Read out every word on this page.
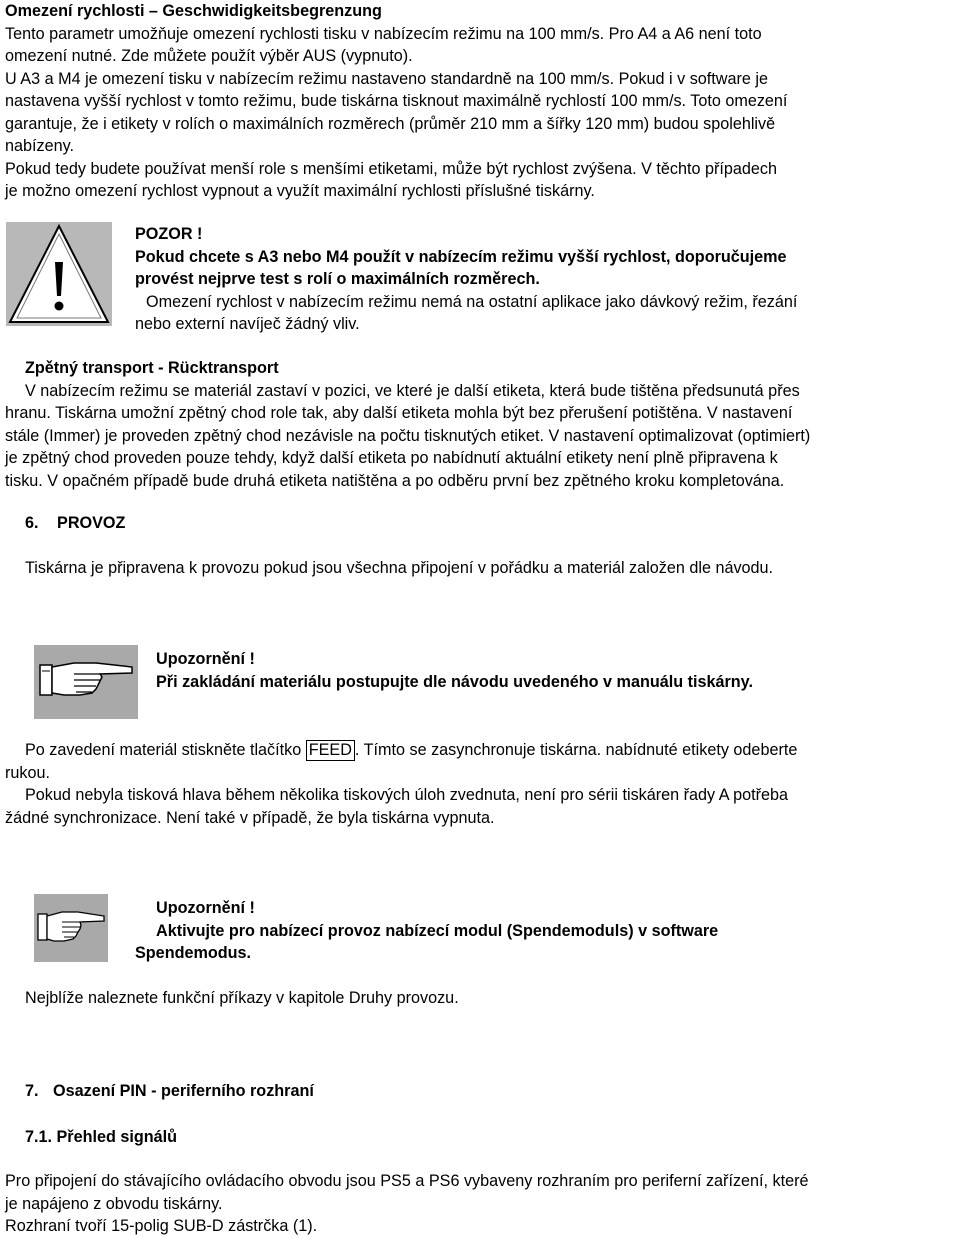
Omezení rychlosti – Geschwidigkeitsbegrenzung
Tento parametr umožňuje omezení rychlosti tisku v nabízecím režimu na 100 mm/s. Pro A4 a A6 není toto
omezení nutné. Zde můžete použít výběr AUS (vypnuto).
U A3 a M4 je omezení tisku v nabízecím režimu nastaveno standardně na 100 mm/s. Pokud i v software je
nastavena vyšší rychlost v tomto režimu, bude tiskárna tisknout maximálně rychlostí 100 mm/s. Toto omezení
garantuje, že i etikety v rolích o maximálních rozměrech (průměr 210 mm a šířky 120 mm) budou spolehlivě
nabízeny.
Pokud tedy budete používat menší role s menšími etiketami, může být rychlost zvýšena. V těchto případech
je možno omezení rychlost vypnout a využít maximální rychlosti příslušné tiskárny.
POZOR !
Pokud chcete s A3 nebo M4 použít v nabízecím režimu vyšší rychlost, doporučujeme
provést nejprve test s rolí o maximálních rozměrech.
Omezení rychlost v nabízecím režimu nemá na ostatní aplikace jako dávkový režim, řezání
nebo externí navíječ žádný vliv.
Zpětný transport - Rücktransport
V nabízecím režimu se materiál zastaví v pozici, ve které je další etiketa, která bude tištěna předsunutá přes
hranu. Tiskárna umožní zpětný chod role tak, aby další etiketa mohla být bez přerušení potištěna. V nastavení
stále (Immer) je proveden zpětný chod nezávisle na počtu tisknutých etiket. V nastavení optimalizovat (optimiert)
je zpětný chod proveden pouze tehdy, když další etiketa po nabídnutí aktuální etikety není plně připravena k
tisku. V opačném případě bude druhá etiketa natištěna a po odběru první bez zpětného kroku kompletována.
6. PROVOZ
Tiskárna je připravena k provozu pokud jsou všechna připojení v pořádku a materiál založen dle návodu.
Upozornění !
Při zakládání materiálu postupujte dle návodu uvedeného v manuálu tiskárny.
Po zavedení materiál stiskněte tlačítko FEED . Tímto se zasynchronuje tiskárna. nabídnuté etikety odeberte
rukou.
Pokud nebyla tisková hlava během několika tiskových úloh zvednuta, není pro sérii tiskáren řady A potřeba
žádné synchronizace. Není také v případě, že byla tiskárna vypnuta.
Upozornění !
Aktivujte pro nabízecí provoz nabízecí modul (Spendemoduls) v software
Spendemodus.
Nejblíže naleznete funkční příkazy v kapitole Druhy provozu.
7. Osazení PIN - periferního rozhraní
7.1. Přehled signálů
Pro připojení do stávajícího ovládacího obvodu jsou PS5 a PS6 vybaveny rozhraním pro periferní zařízení, které
je napájeno z obvodu tiskárny.
Rozhraní tvoří 15-polig SUB-D zástrčka (1).
